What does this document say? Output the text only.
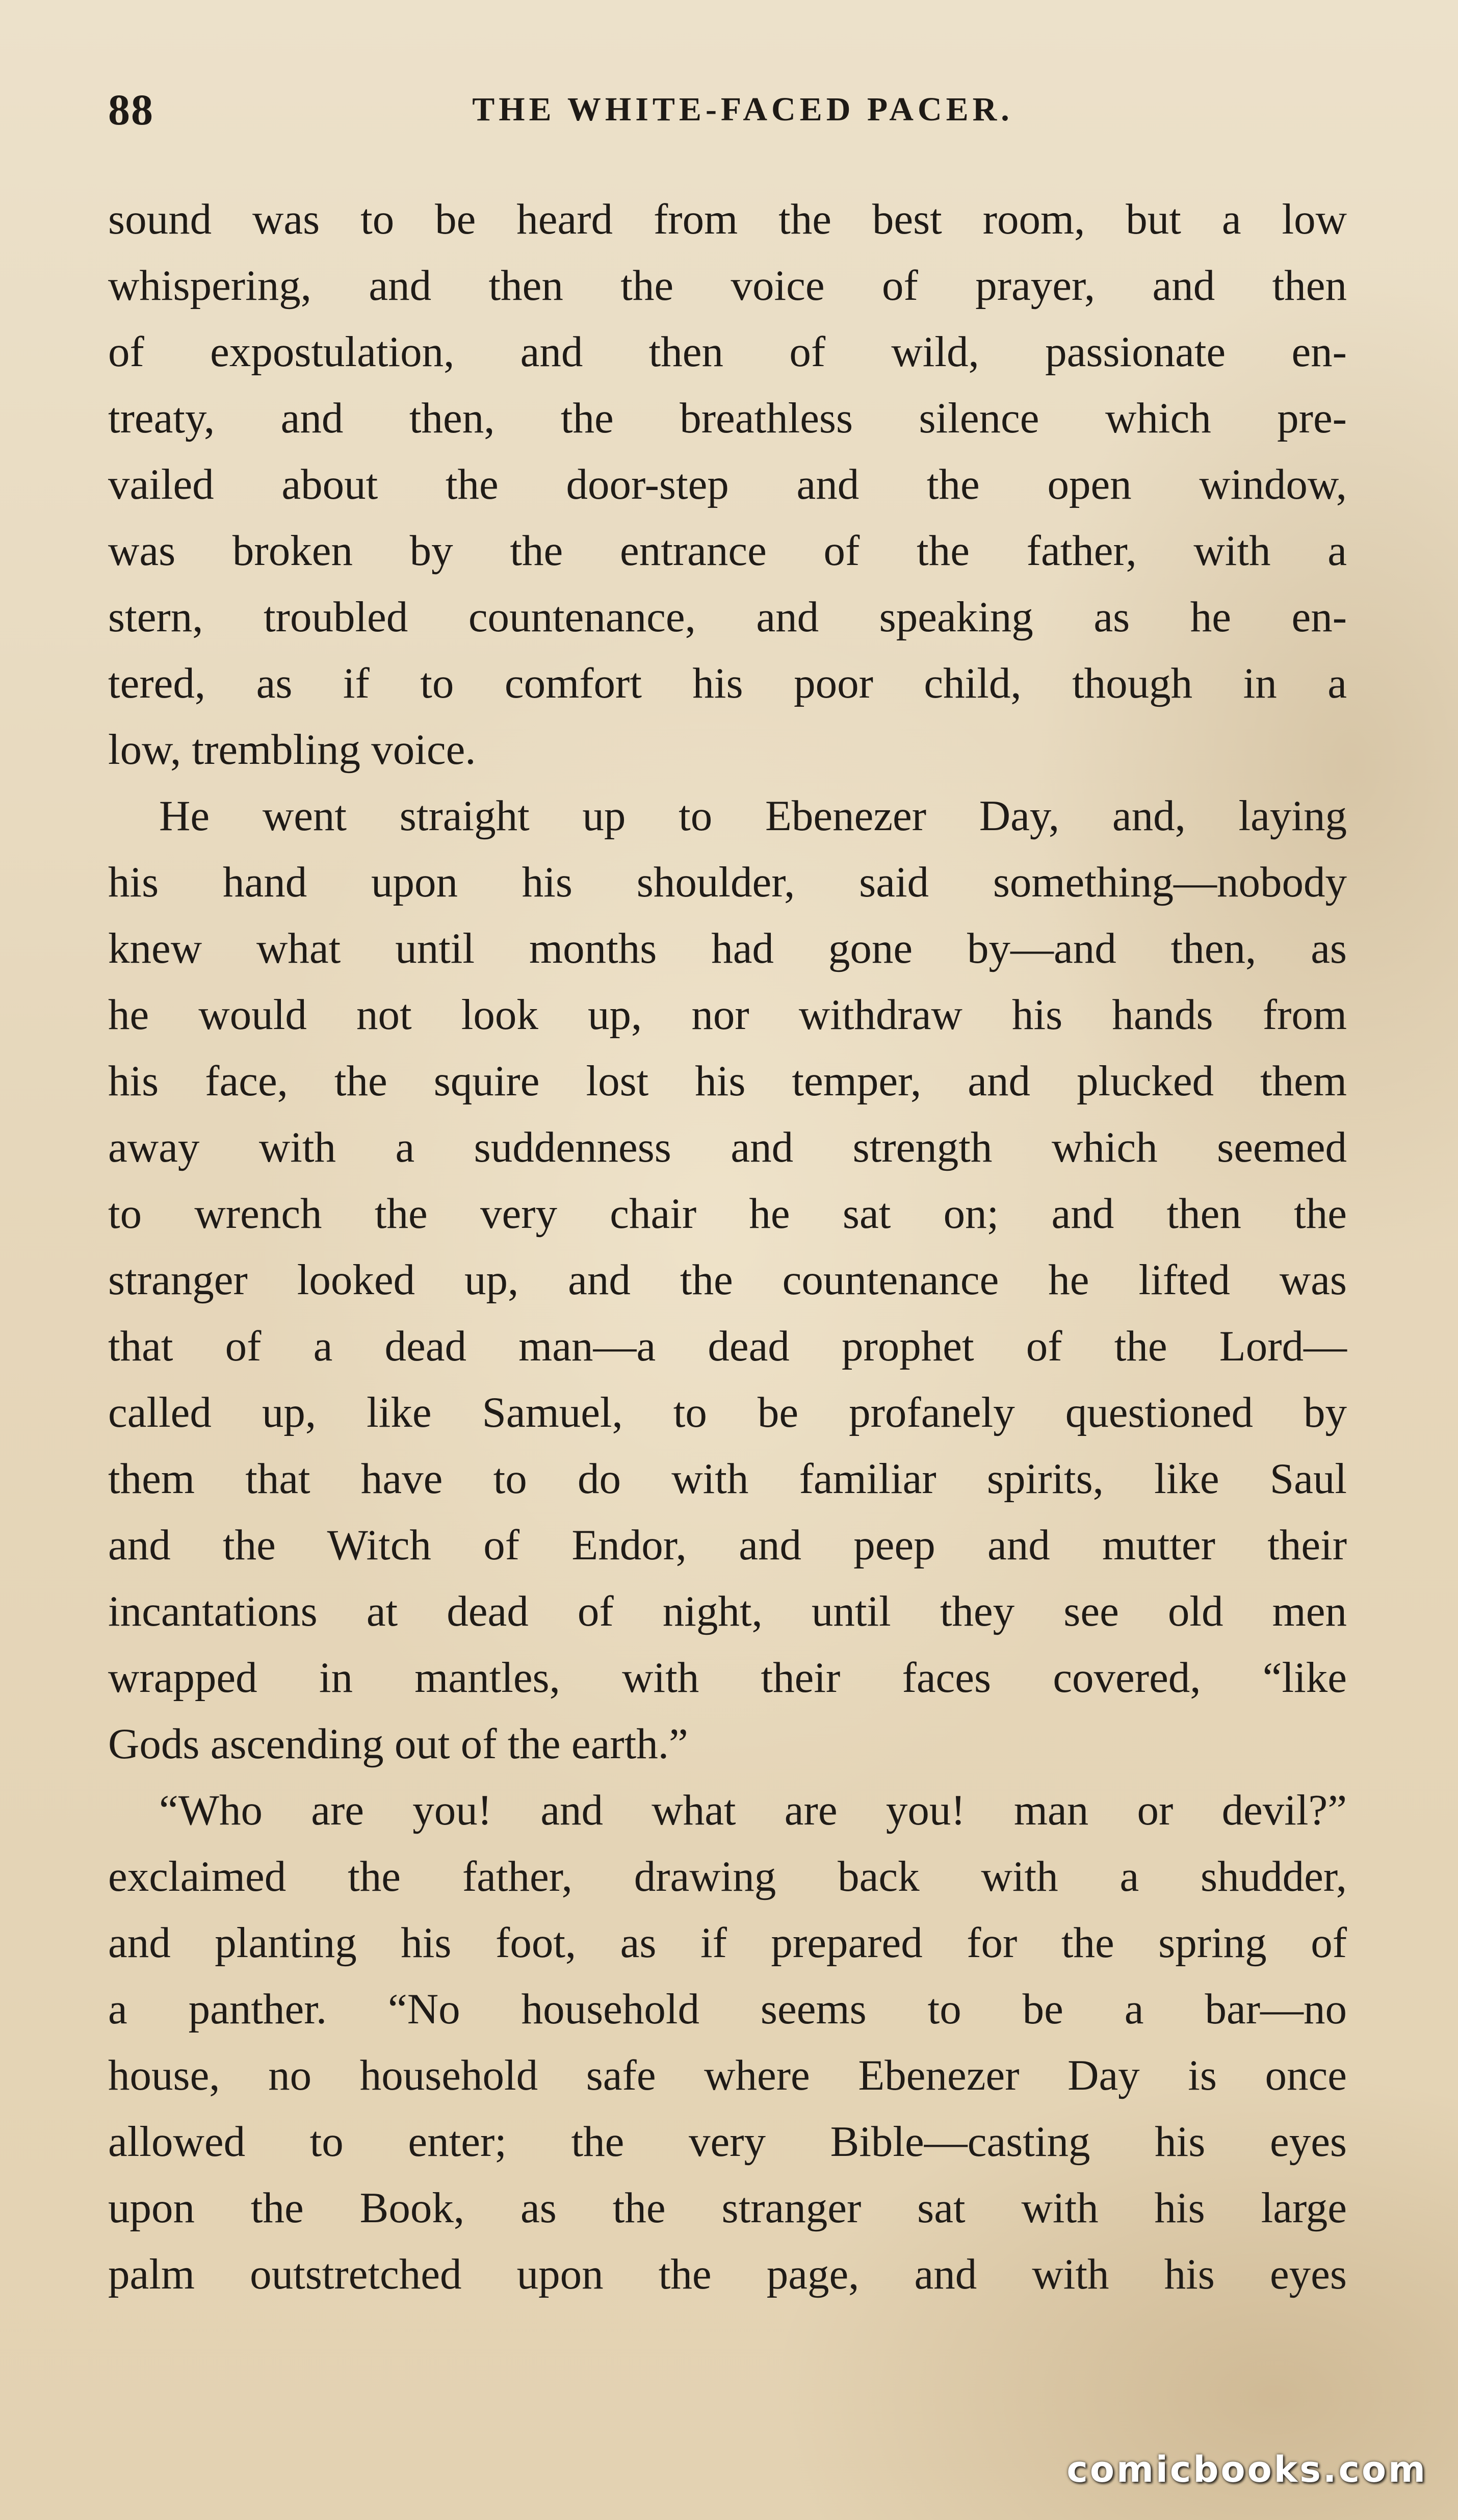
88	THE WHITE-FACED PACER.
sound was to be heard from the best room, but a low
whispering, and then the voice of prayer, and then
of expostulation, and then of wild, passionate en-
treaty, and then, the breathless silence which pre-
vailed about the door-step and the open window,
was broken by the entrance of the father, with a
stern, troubled countenance, and speaking as he en-
tered, as if to comfort his poor child, though in a
low, trembling voice.
He went straight up to Ebenezer Day, and, laying
his hand upon his shoulder, said something—nobody
knew what until months had gone by—and then, as
he would not look up, nor withdraw his hands from
his face, the squire lost his temper, and plucked them
away with a suddenness and strength which seemed
to wrench the very chair he sat on; and then the
stranger looked up, and the countenance he lifted was
that of a dead man—a dead prophet of the Lord—
called up, like Samuel, to be profanely questioned by
them that have to do with familiar spirits, like Saul
and the Witch of Endor, and peep and mutter their
incantations at dead of night, until they see old men
wrapped in mantles, with their faces covered, “like
Gods ascending out of the earth.”
“Who are you! and what are you! man or devil?”
exclaimed the father, drawing back with a shudder,
and planting his foot, as if prepared for the spring of
a panther. “No household seems to be a bar—no
house, no household safe where Ebenezer Day is once
allowed to enter; the very Bible—casting his eyes
upon the Book, as the stranger sat with his large
palm outstretched upon the page, and with his eyes
comicbooks.com
